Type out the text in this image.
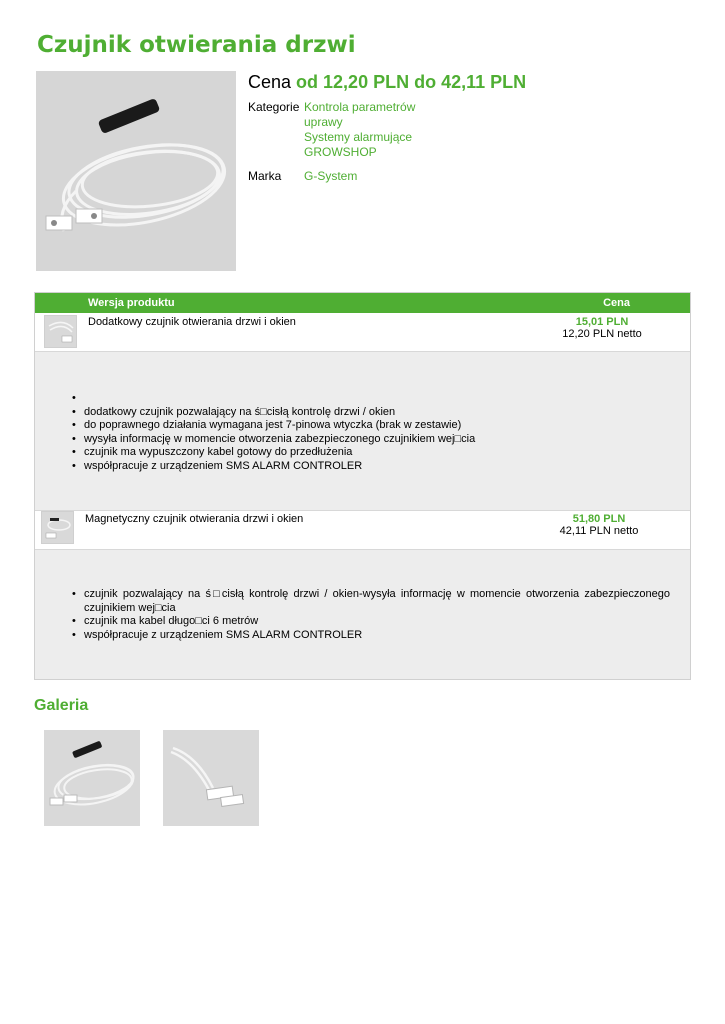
Czujnik otwierania drzwi
Cena od 12,20 PLN do 42,11 PLN
Kategorie Kontrola parametrów
uprawy
Systemy alarmujące
GROWSHOP
Marka	G-System
Wersja produktu	Cena
Dodatkowy czujnik otwierania drzwi i okien	15,01 PLN
12,20 PLN netto
•
• dodatkowy czujnik pozwalający na ś□cisłą kontrolę drzwi / okien
• do poprawnego działania wymagana jest 7-pinowa wtyczka (brak w zestawie)
• wysyła informację w momencie otworzenia zabezpieczonego czujnikiem wej□cia
• czujnik ma wypuszczony kabel gotowy do przedłużenia
• współpracuje z urządzeniem SMS ALARM CONTROLER
Magnetyczny czujnik otwierania drzwi i okien	51,80 PLN
42,11 PLN netto
• czujnik pozwalający na ś□cisłą kontrolę drzwi / okien-wysyła informację w momencie otworzenia zabezpieczonego czujnikiem wej□cia
• czujnik ma kabel długo□ci 6 metrów
• współpracuje z urządzeniem SMS ALARM CONTROLER
Galeria
